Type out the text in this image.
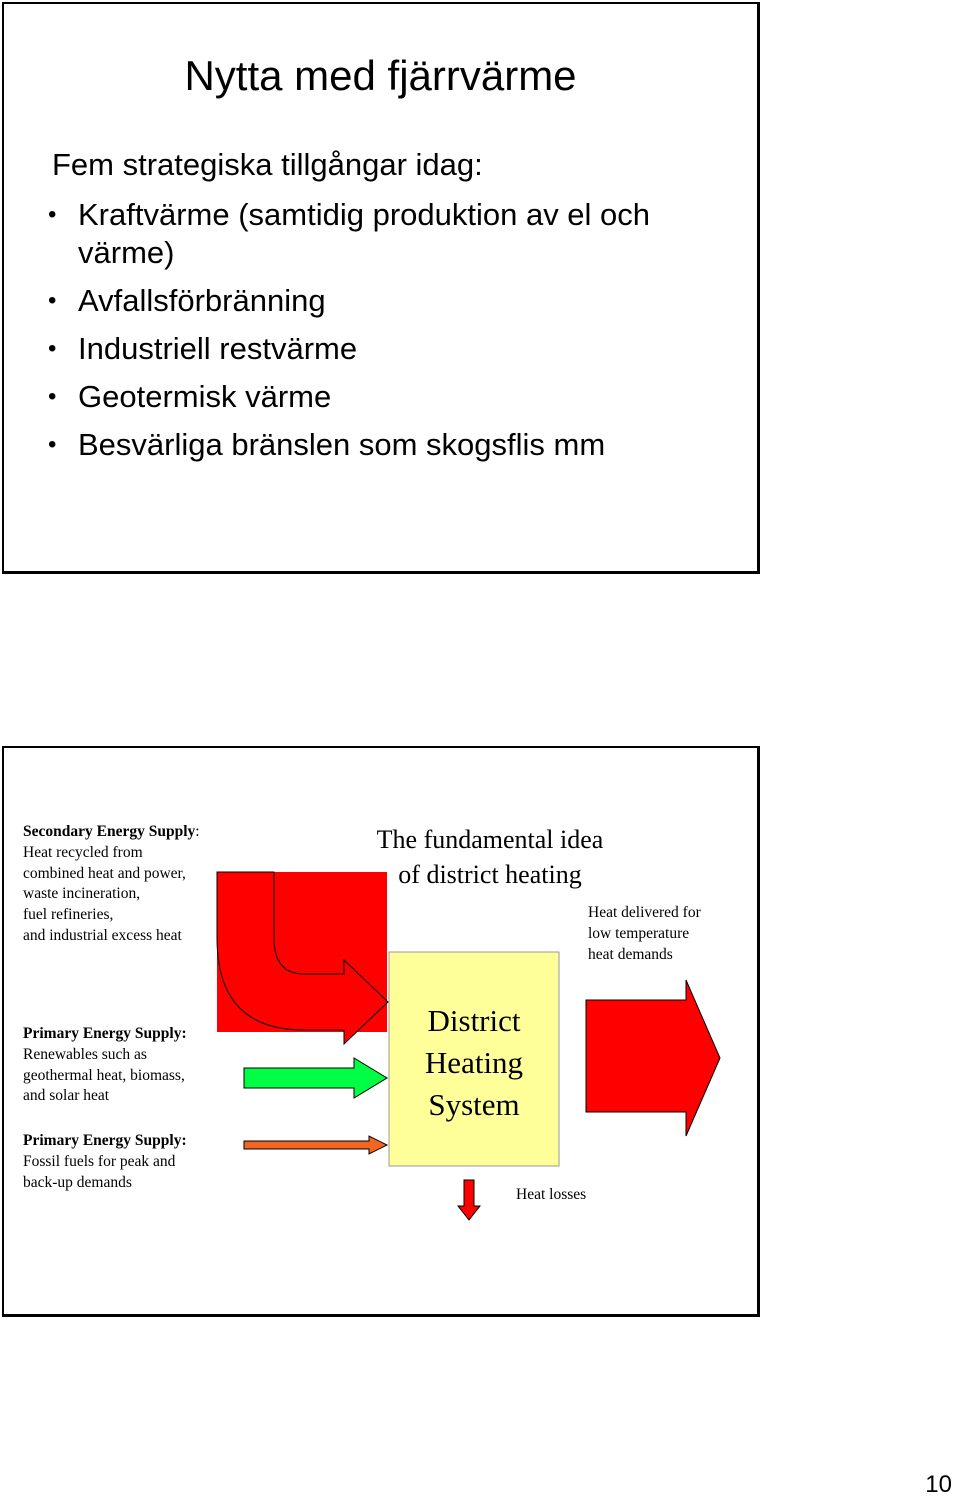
Nytta med fjärrvärme
Fem strategiska tillgångar idag:
• Kraftvärme (samtidig produktion av el och värme)
• Avfallsförbränning
• Industriell restvärme
• Geotermisk värme
• Besvärliga bränslen som skogsflis mm
The fundamental idea
of district heating
Secondary Energy Supply:
Heat recycled from
combined heat and power,
waste incineration,
fuel refineries,
and industrial excess heat
Heat delivered for
low temperature
heat demands
District
Heating
System
Primary Energy Supply:
Renewables such as
geothermal heat, biomass,
and solar heat
Primary Energy Supply:
Fossil fuels for peak and
back-up demands
Heat losses
10
